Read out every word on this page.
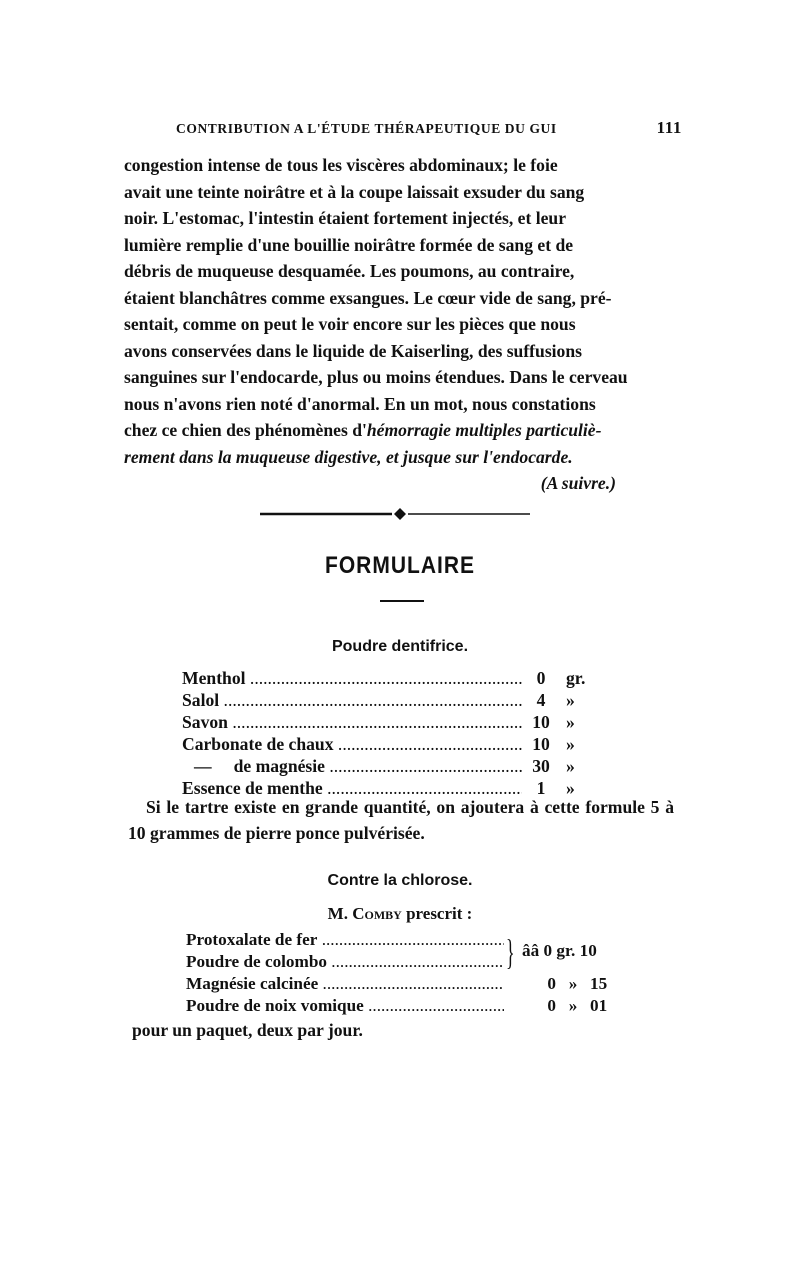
CONTRIBUTION A L'ÉTUDE THÉRAPEUTIQUE DU GUI	111
congestion intense de tous les viscères abdominaux; le foie
avait une teinte noirâtre et à la coupe laissait exsuder du sang
noir. L'estomac, l'intestin étaient fortement injectés, et leur
lumière remplie d'une bouillie noirâtre formée de sang et de
débris de muqueuse desquamée. Les poumons, au contraire,
étaient blanchâtres comme exsangues. Le cœur vide de sang, pré-
sentait, comme on peut le voir encore sur les pièces que nous
avons conservées dans le liquide de Kaiserling, des suffusions
sanguines sur l'endocarde, plus ou moins étendues. Dans le cerveau
nous n'avons rien noté d'anormal. En un mot, nous constations
chez ce chien des phénomènes d'hémorragie multiples particuliè-
rement dans la muqueuse digestive, et jusque sur l'endocarde.
(A suivre.)
FORMULAIRE
Poudre dentifrice.
Menthol .....	0	gr.
Salol .....	4	»
Savon .....	10 »
Carbonate de chaux .....	10 »
—     de magnésie .....	30 »
Essence de menthe .....	1	»
Si le tartre existe en grande quantité, on ajoutera à cette formule 5 à 10 grammes de pierre ponce pulvérisée.
Contre la chlorose.
M. Comby prescrit :
Protoxalate de fer .....
Poudre de colombo .....	} ââ 0 gr. 10
Magnésie calcinée .....	0 » 15
Poudre de noix vomique .....	0 » 01
pour un paquet, deux par jour.
